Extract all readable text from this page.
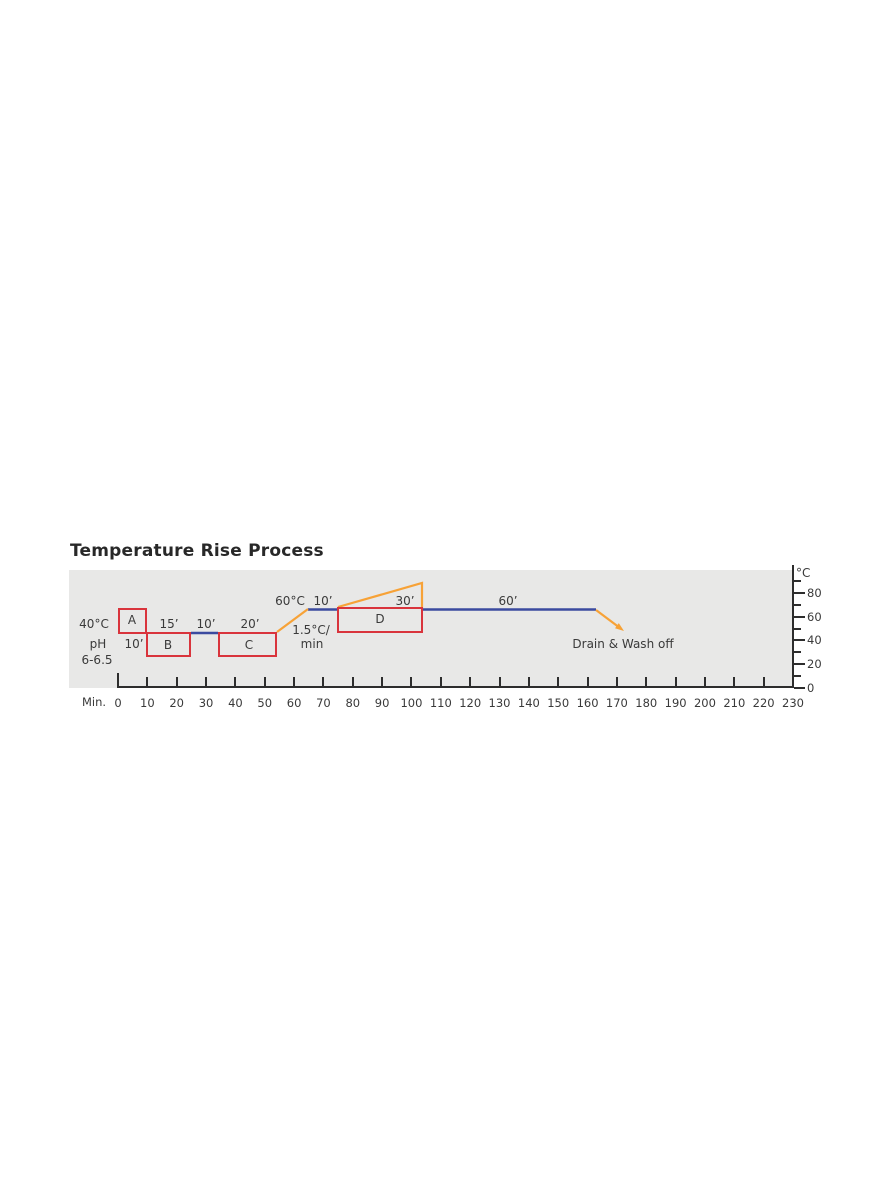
Temperature Rise Process
40°C
pH	10’
6-6.5
A	15’
B
10’	20’
C
1.5°C/
min
60°C 10’	30’
D
60’
Drain & Wash off
Min.
°C
0	10	20	30	40	50	60	70	80	90 100 110 120 130 140 150 160 170 180 190 200 210 220 230
80
60
40
20
0
